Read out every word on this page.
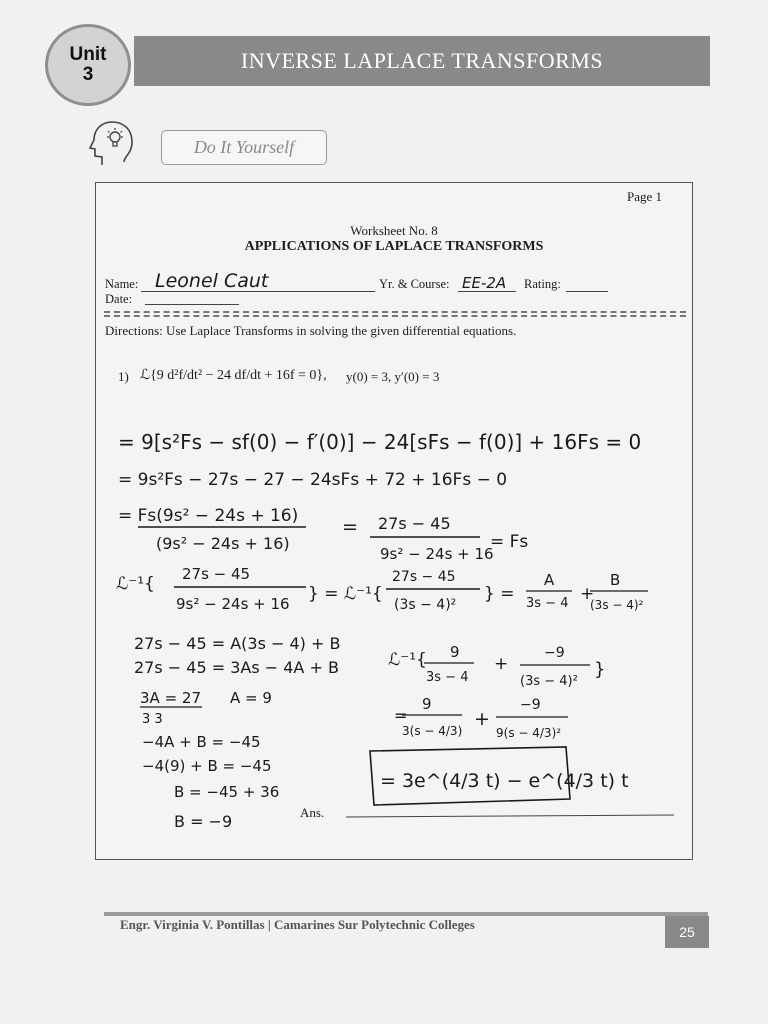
Unit
3
INVERSE LAPLACE TRANSFORMS
Do It Yourself
Page 1
Worksheet No. 8
APPLICATIONS OF LAPLACE TRANSFORMS
Name: Leonel Caut	Yr. & Course: EE-2A Rating:
Date:
Directions: Use Laplace Transforms in solving the given differential equations.
1) ℒ{9 d²f/dt² − 24 df/dt + 16f = 0}, y(0) = 3, y′(0) = 3
= 9[s²Fs − sf(0) − f′(0)] − 24[sFs − f(0)] + 16Fs = 0
= 9s²Fs − 27s − 27 − 24sFs + 72 + 16Fs − 0
= Fs(9s² − 24s + 16)
(9s² − 24s + 16)
= 27s − 45
9s² − 24s + 16
= Fs
ℒ⁻¹{ 27s − 45
9s² − 24s + 16 } = ℒ⁻¹{
27s − 45
(3s − 4)²
} =
A
3s − 4 +
B
(3s − 4)²
27s − 45 = A(3s − 4) + B
27s − 45 = 3As − 4A + B
3A = 27 A = 9
3 3
−4A + B = −45
−4(9) + B = −45
B = −45 + 36
B = −9
ℒ⁻¹{ 9
3s − 4
+
−9
(3s − 4)²
}
=
9
3(s − 4/3)
+
−9
9(s − 4/3)²
= 3e^(4/3 t) − e^(4/3 t) t
Ans.
Engr. Virginia V. Pontillas | Camarines Sur Polytechnic Colleges	25
